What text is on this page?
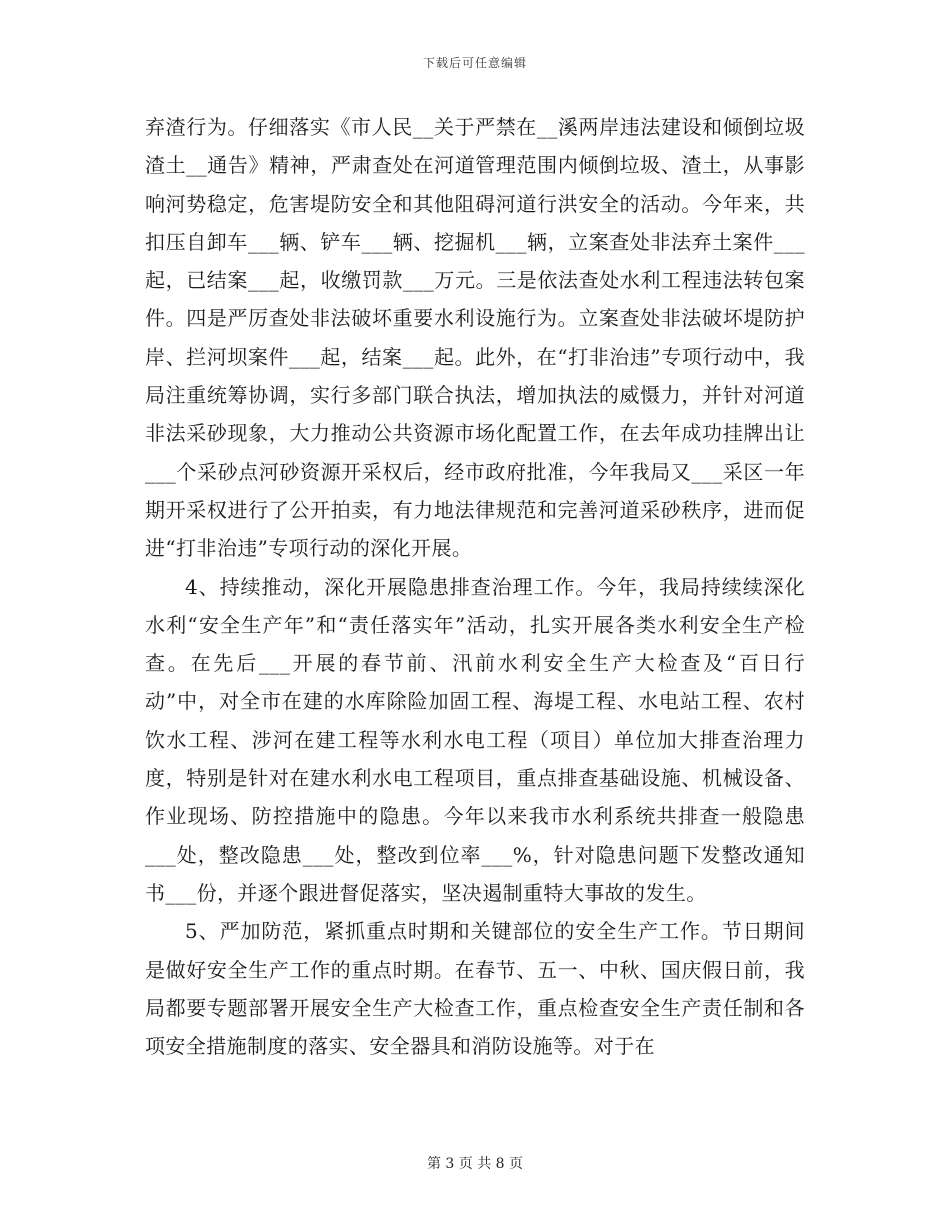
下载后可任意编辑

弃渣行为。仔细落实《市人民__关于严禁在__溪两岸违法建设和倾倒垃圾渣土__通告》精神，严肃查处在河道管理范围内倾倒垃圾、渣土，从事影响河势稳定，危害堤防安全和其他阻碍河道行洪安全的活动。今年来，共扣压自卸车___辆、铲车___辆、挖掘机___辆，立案查处非法弃土案件___起，已结案___起，收缴罚款___万元。三是依法查处水利工程违法转包案件。四是严厉查处非法破坏重要水利设施行为。立案查处非法破坏堤防护岸、拦河坝案件___起，结案___起。此外，在“打非治违”专项行动中，我局注重统筹协调，实行多部门联合执法，增加执法的威慑力，并针对河道非法采砂现象，大力推动公共资源市场化配置工作，在去年成功挂牌出让___个采砂点河砂资源开采权后，经市政府批准，今年我局又___采区一年期开采权进行了公开拍卖，有力地法律规范和完善河道采砂秩序，进而促进“打非治违”专项行动的深化开展。

4、持续推动，深化开展隐患排查治理工作。今年，我局持续续深化水利“安全生产年”和“责任落实年”活动，扎实开展各类水利安全生产检查。在先后___开展的春节前、汛前水利安全生产大检查及“百日行动”中，对全市在建的水库除险加固工程、海堤工程、水电站工程、农村饮水工程、涉河在建工程等水利水电工程（项目）单位加大排查治理力度，特别是针对在建水利水电工程项目，重点排查基础设施、机械设备、作业现场、防控措施中的隐患。今年以来我市水利系统共排查一般隐患___处，整改隐患___处，整改到位率___%，针对隐患问题下发整改通知书___份，并逐个跟进督促落实，坚决遏制重特大事故的发生。

5、严加防范，紧抓重点时期和关键部位的安全生产工作。节日期间是做好安全生产工作的重点时期。在春节、五一、中秋、国庆假日前，我局都要专题部署开展安全生产大检查工作，重点检查安全生产责任制和各项安全措施制度的落实、安全器具和消防设施等。对于在

第 3 页 共 8 页
